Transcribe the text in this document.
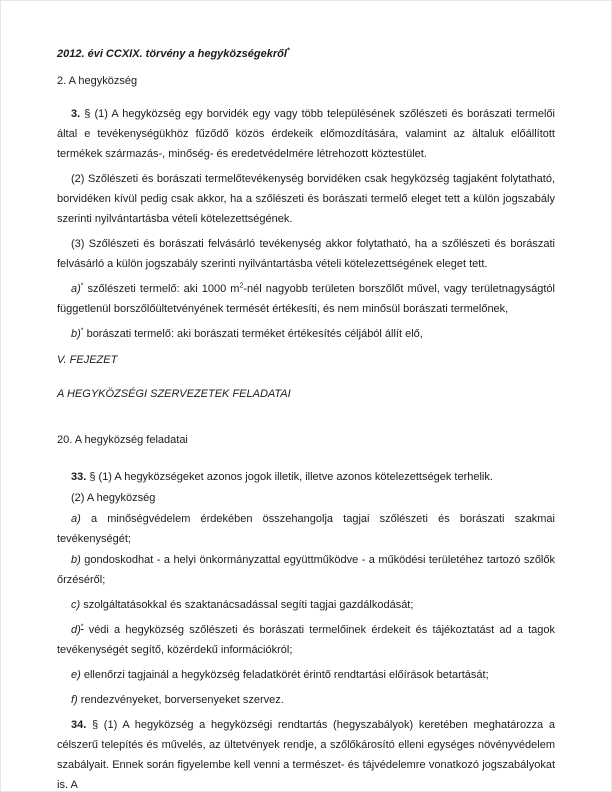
2012. évi CCXIX. törvény a hegyközségekről*
2. A hegyközség
3. § (1) A hegyközség egy borvidék egy vagy több településének szőlészeti és borászati termelői által e tevékenységükhöz fűződő közös érdekeik előmozdítására, valamint az általuk előállított termékek származás-, minőség- és eredetvédelmére létrehozott köztestület.
(2) Szőlészeti és borászati termelőtevékenység borvidéken csak hegyközség tagjaként folytatható, borvidéken kívül pedig csak akkor, ha a szőlészeti és borászati termelő eleget tett a külön jogszabály szerinti nyilvántartásba vételi kötelezettségének.
(3) Szőlészeti és borászati felvásárló tevékenység akkor folytatható, ha a szőlészeti és borászati felvásárló a külön jogszabály szerinti nyilvántartásba vételi kötelezettségének eleget tett.
a)* szőlészeti termelő: aki 1000 $m^2$-nél nagyobb területen borszőlőt művel, vagy területnagyságtól függetlenül borszőlőültetvényének termését értékesíti, és nem minősül borászati termelőnek,
b)* borászati termelő: aki borászati terméket értékesítés céljából állít elő,
V. FEJEZET
A HEGYKÖZSÉGI SZERVEZETEK FELADATAI
20. A hegyközség feladatai
33. § (1) A hegyközségeket azonos jogok illetik, illetve azonos kötelezettségek terhelik.
(2) A hegyközség
a) a minőségvédelem érdekében összehangolja tagjai szőlészeti és borászati szakmai tevékenységét;
b) gondoskodhat - a helyi önkormányzattal együttműködve - a működési területéhez tartozó szőlők őrzéséről;
c) szolgáltatásokkal és szaktanácsadással segíti tagjai gazdálkodását;
d)* védi a hegyközség szőlészeti és borászati termelőinek érdekeit és tájékoztatást ad a tagok tevékenységét segítő, közérdekű információkról;
e) ellenőrzi tagjainál a hegyközség feladatkörét érintő rendtartási előírások betartását;
f) rendezvényeket, borversenyeket szervez.
34. § (1) A hegyközség a hegyközségi rendtartás (hegyszabályok) keretében meghatározza a célszerű telepítés és művelés, az ültetvények rendje, a szőlőkárosító elleni egységes növényvédelem szabályait. Ennek során figyelembe kell venni a természet- és tájvédelemre vonatkozó jogszabályokat is. A
